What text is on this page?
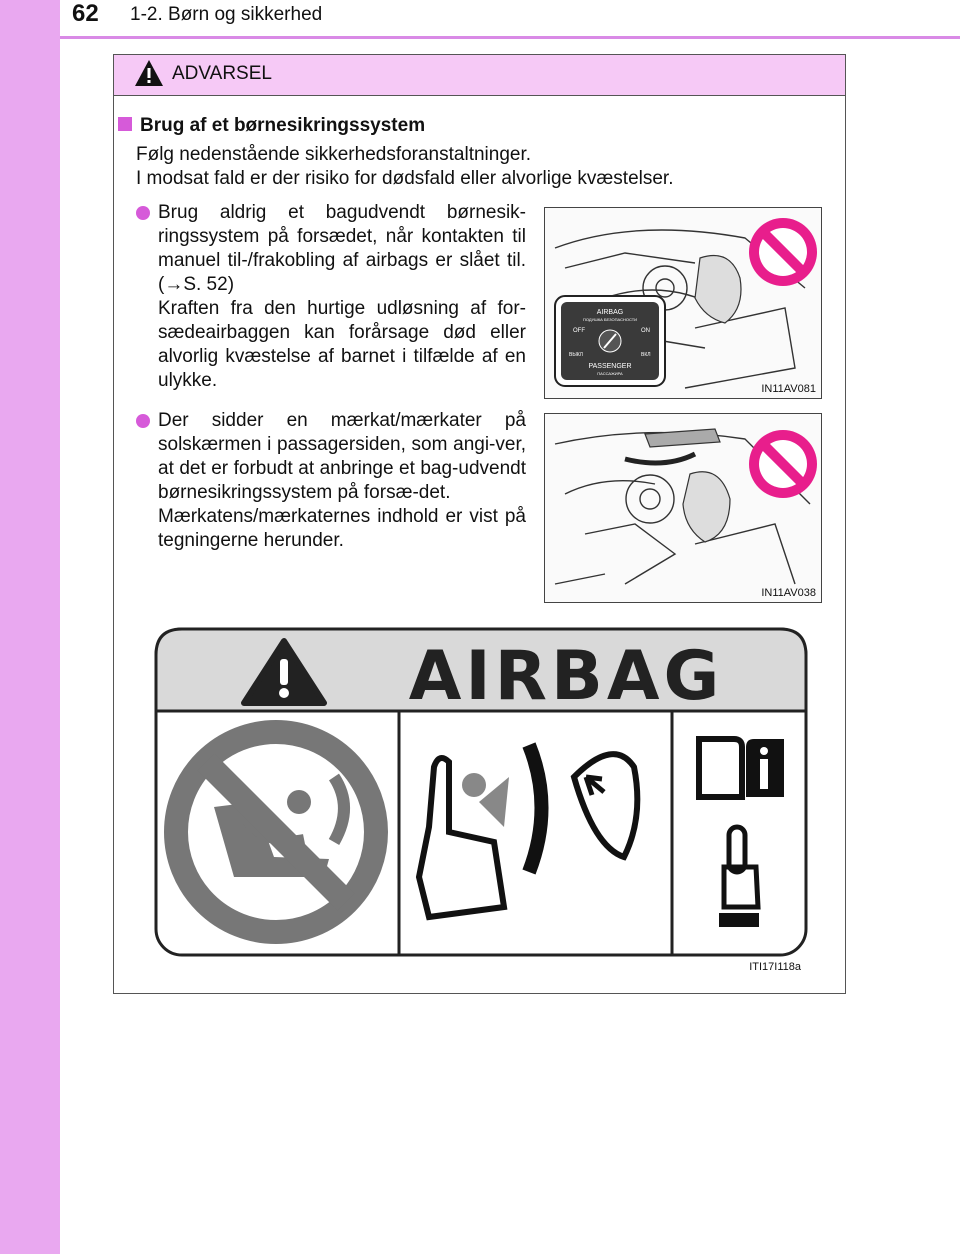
62 1-2. Børn og sikkerhed
ADVARSEL
Brug af et børnesikringssystem
Følg nedenstående sikkerhedsforanstaltninger.
I modsat fald er der risiko for dødsfald eller alvorlige kvæstelser.
Brug aldrig et bagudvendt børnesik-ringssystem på forsædet, når kontakten til manuel til-/frakobling af airbags er slået til. (→S. 52)
Kraften fra den hurtige udløsning af for-sædeairbaggen kan forårsage død eller alvorlig kvæstelse af barnet i tilfælde af en ulykke.
Der sidder en mærkat/mærkater på solskærmen i passagersiden, som angi-ver, at det er forbudt at anbringe et bag-udvendt børnesikringssystem på forsæ-det.
Mærkatens/mærkaternes indhold er vist på tegningerne herunder.
AIRBAG
ПОДУШКА БЕЗОПАСНОСТИ
OFF	ON
ВЫКЛ	ВКЛ
PASSENGER
ПАССАЖИРА
IN11AV081
IN11AV038
AIRBAG
ITI17I118a
